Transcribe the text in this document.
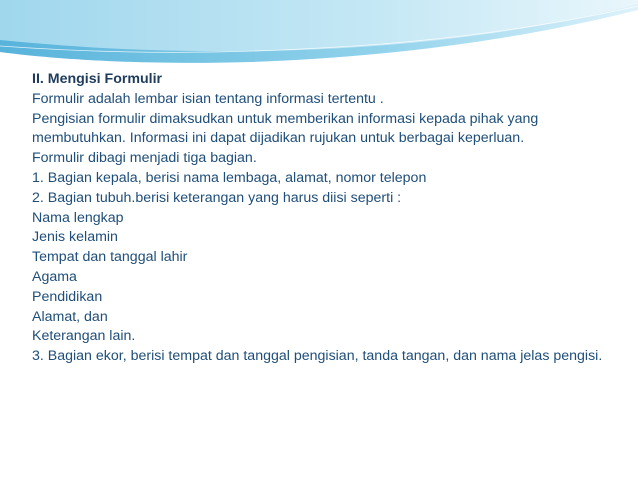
II. Mengisi Formulir
Formulir adalah lembar isian tentang informasi tertentu .
Pengisian formulir dimaksudkan untuk memberikan informasi kepada pihak yang membutuhkan. Informasi ini dapat dijadikan rujukan untuk berbagai keperluan.
Formulir dibagi menjadi tiga bagian.
1. Bagian kepala, berisi nama lembaga, alamat, nomor telepon
2. Bagian tubuh.berisi keterangan yang harus diisi seperti :
Nama lengkap
Jenis kelamin
Tempat dan tanggal lahir
Agama
Pendidikan
Alamat, dan
Keterangan lain.
3. Bagian ekor, berisi tempat dan tanggal pengisian, tanda tangan, dan nama jelas pengisi.
